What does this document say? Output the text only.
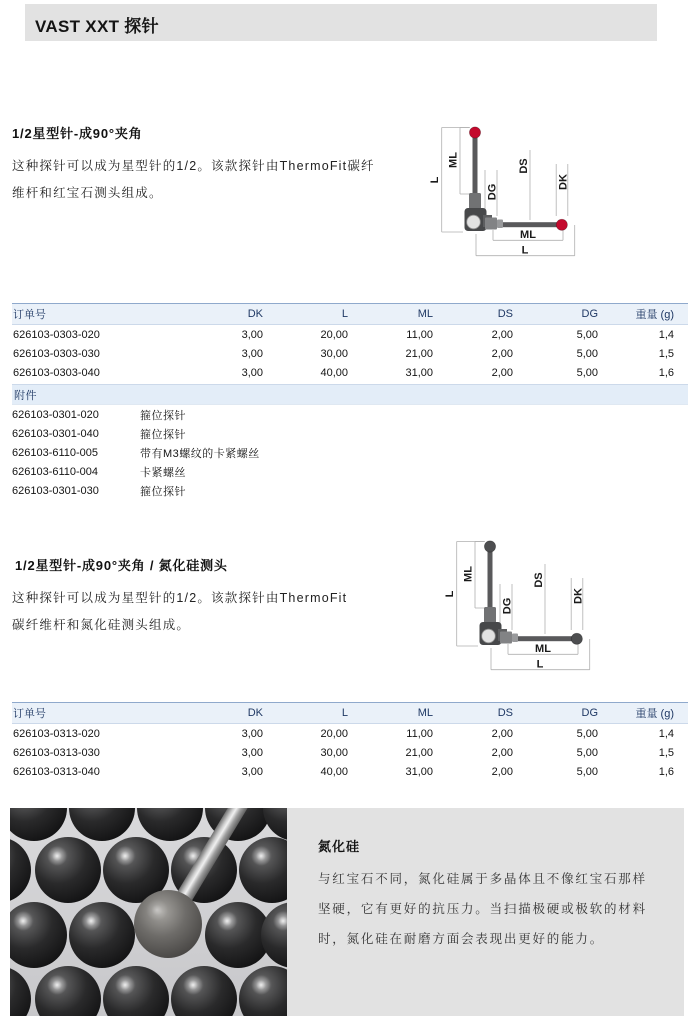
VAST XXT 探针
1/2星型针-成90°夹角
这种探针可以成为星型针的1/2。该款探针由ThermoFit碳纤
维杆和红宝石测头组成。
L
ML
DG
DS
DK
ML
L
订单号	DK	L	ML	DS	DG	重量 (g)
626103-0303-020	3,00	20,00	11,00	2,00	5,00	1,4
626103-0303-030	3,00	30,00	21,00	2,00	5,00	1,5
626103-0303-040	3,00	40,00	31,00	2,00	5,00	1,6
附件
626103-0301-020	箍位探针
626103-0301-040	箍位探针
626103-6110-005	带有M3螺纹的卡紧螺丝
626103-6110-004	卡紧螺丝
626103-0301-030	箍位探针
1/2星型针-成90°夹角 / 氮化硅测头
这种探针可以成为星型针的1/2。该款探针由ThermoFit
碳纤维杆和氮化硅测头组成。
L
ML
DG
DS
DK
ML
L
订单号	DK	L	ML	DS	DG	重量 (g)
626103-0313-020	3,00	20,00	11,00	2,00	5,00	1,4
626103-0313-030	3,00	30,00	21,00	2,00	5,00	1,5
626103-0313-040	3,00	40,00	31,00	2,00	5,00	1,6
氮化硅
与红宝石不同，氮化硅属于多晶体且不像红宝石那样
坚硬，它有更好的抗压力。当扫描极硬或极软的材料
时，氮化硅在耐磨方面会表现出更好的能力。
